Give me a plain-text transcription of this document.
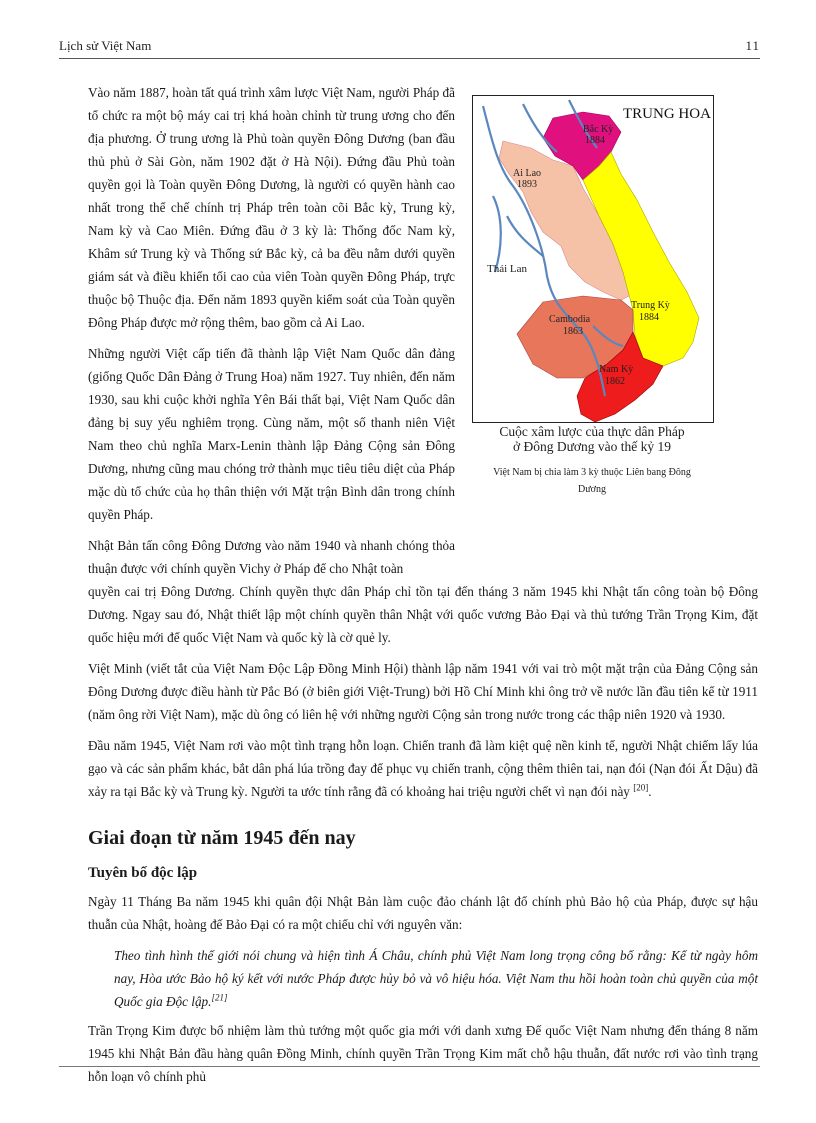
Lịch sử Việt Nam	11
TRUNG HOA
Bắc Kỳ
1884
Ai Lao
1893
Thái Lan
Trung Kỳ
1884
Cambodia
1863
Nam Kỳ
1862
Cuộc xâm lược của thực dân Pháp
ở Đông Dương vào thế kỷ 19
Việt Nam bị chia làm 3 kỳ thuộc Liên bang Đông
Dương

Vào năm 1887, hoàn tất quá trình xâm lược Việt Nam, người Pháp đã tổ chức ra một bộ máy cai trị khá hoàn chỉnh từ trung ương cho đến địa phương. Ở trung ương là Phủ toàn quyền Đông Dương (ban đầu thủ phủ ở Sài Gòn, năm 1902 đặt ở Hà Nội). Đứng đầu Phủ toàn quyền gọi là Toàn quyền Đông Dương, là người có quyền hành cao nhất trong thể chế chính trị Pháp trên toàn cõi Bắc kỳ, Trung kỳ, Nam kỳ và Cao Miên. Đứng đầu ở 3 kỳ là: Thống đốc Nam kỳ, Khâm sứ Trung kỳ và Thống sứ Bắc kỳ, cả ba đều nằm dưới quyền giám sát và điều khiển tối cao của viên Toàn quyền Đông Pháp, trực thuộc bộ Thuộc địa. Đến năm 1893 quyền kiểm soát của Toàn quyền Đông Pháp được mở rộng thêm, bao gồm cả Ai Lao.

Những người Việt cấp tiến đã thành lập Việt Nam Quốc dân đảng (giống Quốc Dân Đảng ở Trung Hoa) năm 1927. Tuy nhiên, đến năm 1930, sau khi cuộc khởi nghĩa Yên Bái thất bại, Việt Nam Quốc dân đảng bị suy yếu nghiêm trọng. Cùng năm, một số thanh niên Việt Nam theo chủ nghĩa Marx-Lenin thành lập Đảng Cộng sản Đông Dương, nhưng cũng mau chóng trở thành mục tiêu tiêu diệt của Pháp mặc dù tổ chức của họ thân thiện với Mặt trận Bình dân trong chính quyền Pháp.

Nhật Bản tấn công Đông Dương vào năm 1940 và nhanh chóng thỏa thuận được với chính quyền Vichy ở Pháp để cho Nhật toàn

quyền cai trị Đông Dương. Chính quyền thực dân Pháp chỉ tồn tại đến tháng 3 năm 1945 khi Nhật tấn công toàn bộ Đông Dương. Ngay sau đó, Nhật thiết lập một chính quyền thân Nhật với quốc vương Bảo Đại và thủ tướng Trần Trọng Kim, đặt quốc hiệu mới để quốc Việt Nam và quốc kỳ là cờ quẻ ly.

Việt Minh (viết tắt của Việt Nam Độc Lập Đồng Minh Hội) thành lập năm 1941 với vai trò một mặt trận của Đảng Cộng sản Đông Dương được điều hành từ Pắc Bó (ở biên giới Việt-Trung) bởi Hồ Chí Minh khi ông trở về nước lần đầu tiên kể từ 1911 (năm ông rời Việt Nam), mặc dù ông có liên hệ với những người Cộng sản trong nước trong các thập niên 1920 và 1930.

Đầu năm 1945, Việt Nam rơi vào một tình trạng hỗn loạn. Chiến tranh đã làm kiệt quệ nền kinh tế, người Nhật chiếm lấy lúa gạo và các sản phẩm khác, bắt dân phá lúa trồng đay để phục vụ chiến tranh, cộng thêm thiên tai, nạn đói (Nạn đói Ất Dậu) đã xảy ra tại Bắc kỳ và Trung kỳ. Người ta ước tính rằng đã có khoảng hai triệu người chết vì nạn đói này [20].

Giai đoạn từ năm 1945 đến nay
Tuyên bố độc lập

Ngày 11 Tháng Ba năm 1945 khi quân đội Nhật Bản làm cuộc đảo chánh lật đổ chính phủ Bảo hộ của Pháp, được sự hậu thuẫn của Nhật, hoàng đế Bảo Đại có ra một chiếu chỉ với nguyên văn:

Theo tình hình thế giới nói chung và hiện tình Á Châu, chính phủ Việt Nam long trọng công bố rằng: Kể từ ngày hôm nay, Hòa ước Bảo hộ ký kết với nước Pháp được hủy bỏ và vô hiệu hóa. Việt Nam thu hồi hoàn toàn chủ quyền của một Quốc gia Độc lập.[21]

Trần Trọng Kim được bổ nhiệm làm thủ tướng một quốc gia mới với danh xưng Đế quốc Việt Nam nhưng đến tháng 8 năm 1945 khi Nhật Bản đầu hàng quân Đồng Minh, chính quyền Trần Trọng Kim mất chỗ hậu thuẫn, đất nước rơi vào tình trạng hỗn loạn vô chính phủ
